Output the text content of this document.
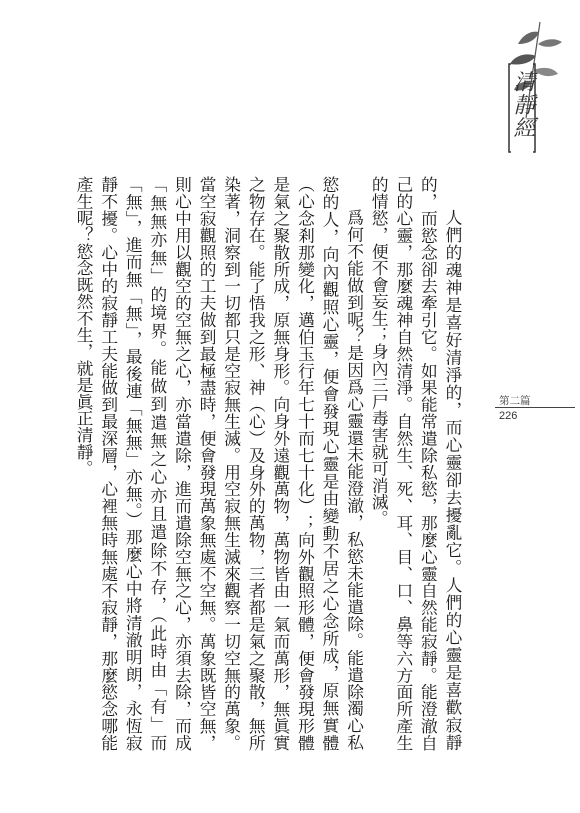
清靜經
第二篇
226

人們的魂神是喜好清淨的，而心靈卻去擾亂它。人們的心靈是喜歡寂靜的，而慾念卻去牽引它。如果能常遣除私慾，那麼心靈自然能寂靜。能澄澈自己的心靈，那麼魂神自然清淨。自然生、死、耳、目、口、鼻等六方面所產生的情慾，便不會妄生；身內三尸毒害就可消滅。

爲何不能做到呢？是因爲心靈還未能澄澈，私慾未能遣除。能遣除濁心私慾的人，向內觀照心靈，便會發現心靈是由變動不居之心念所成，原無實體（心念剎那變化，邁伯玉行年七十而七十化）；向外觀照形體，便會發現形體是氣之聚散所成，原無身形。向身外遠觀萬物，萬物皆由一氣而萬形，無眞實之物存在。能了悟我之形、神（心）及身外的萬物，三者都是氣之聚散，無所染著，洞察到一切都只是空寂無生滅。用空寂無生滅來觀察一切空無的萬象。當空寂觀照的工夫做到最極盡時，便會發現萬象無處不空無。萬象既皆空無，則心中用以觀空的空無之心，亦當遣除，進而遣除空無之心，亦須去除，而成「無無亦無」的境界。能做到遣無之心亦且遣除不存，（此時由「有」而「無」，進而無「無」，最後連「無無」亦無。）那麼心中將清澈明朗，永恆寂靜不擾。心中的寂靜工夫能做到最深層，心裡無時無處不寂靜，那麼慾念哪能產生呢？慾念既然不生，就是眞正清靜。
